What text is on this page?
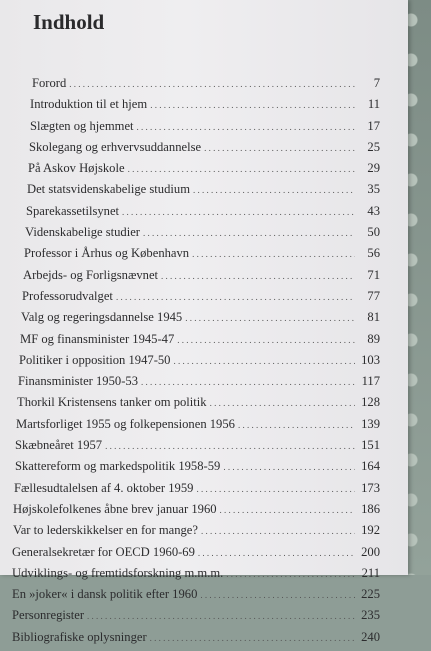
Indhold
Forord . . .	7
Introduktion til et hjem . . .	11
Slægten og hjemmet . . .	17
Skolegang og erhvervsuddannelse . . .	25
På Askov Højskole . . .	29
Det statsvidenskabelige studium . . .	35
Sparekassetilsynet . . .	43
Videnskabelige studier . . .	50
Professor i Århus og København . . .	56
Arbejds- og Forligsnævnet . . .	71
Professorudvalget . . .	77
Valg og regeringsdannelse 1945 . . .	81
MF og finansminister 1945-47 . . .	89
Politiker i opposition 1947-50 . . .	103
Finansminister 1950-53 . . .	117
Thorkil Kristensens tanker om politik . . .	128
Martsforliget 1955 og folkepensionen 1956 . . .	139
Skæbneåret 1957 . . .	151
Skattereform og markedspolitik 1958-59 . . .	164
Fællesudtalelsen af 4. oktober 1959 . . .	173
Højskolefolkenes åbne brev januar 1960 . . .	186
Var to lederskikkelser en for mange? . . .	192
Generalsekretær for OECD 1960-69 . . .	200
Udviklings- og fremtidsforskning m.m.m. . . .	211
En »joker« i dansk politik efter 1960 . . .	225
Personregister . . .	235
Bibliografiske oplysninger . . .	240
